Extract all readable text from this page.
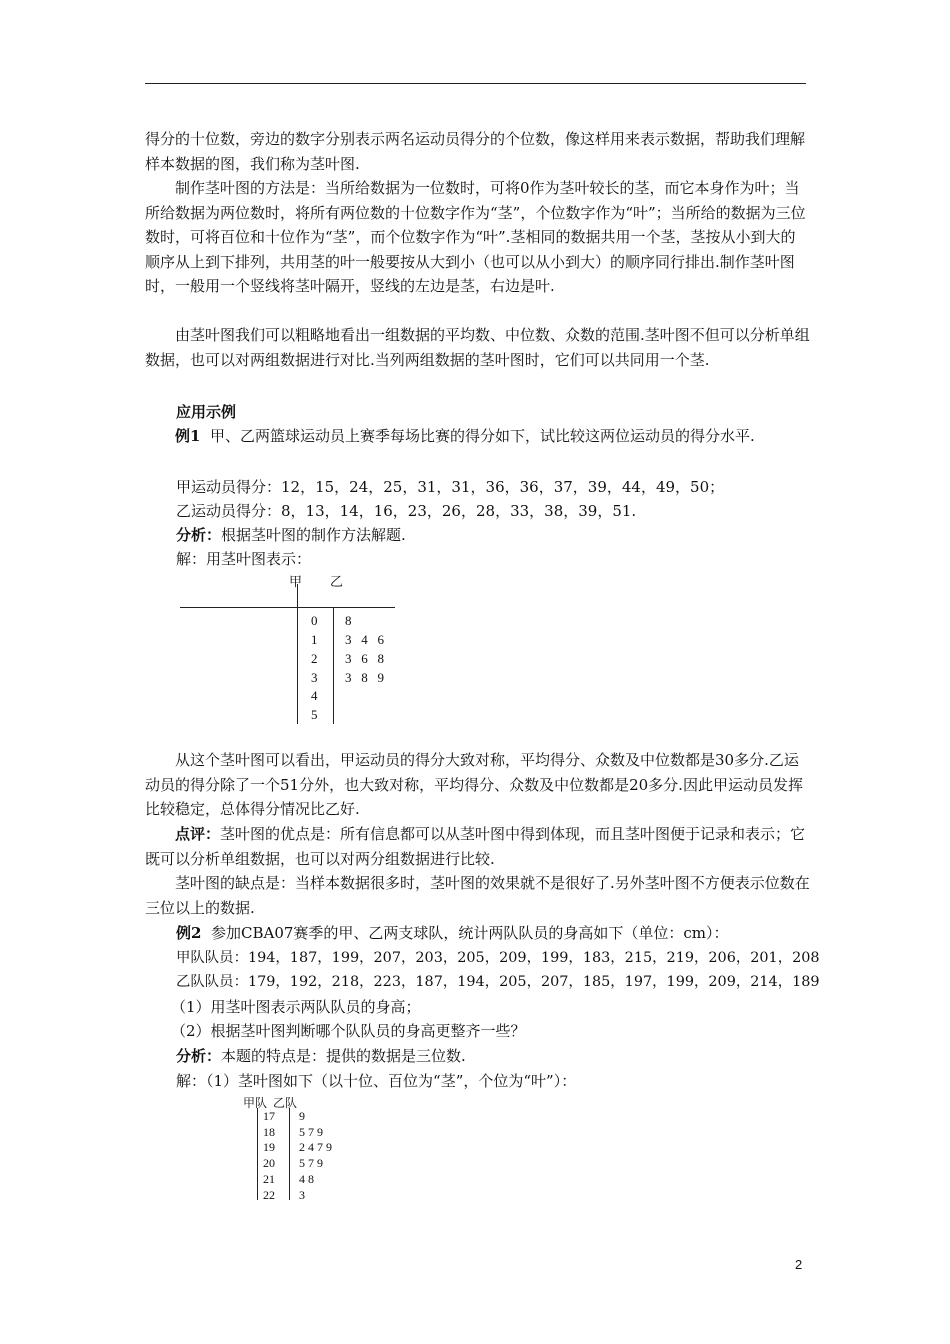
得分的十位数，旁边的数字分别表示两名运动员得分的个位数，像这样用来表示数据，帮助我们理解样本数据的图，我们称为茎叶图.

制作茎叶图的方法是：当所给数据为一位数时，可将0作为茎叶较长的茎，而它本身作为叶；当所给数据为两位数时，将所有两位数的十位数字作为“茎”，个位数字作为“叶”；当所给的数据为三位数时，可将百位和十位作为“茎”，而个位数字作为“叶”.茎相同的数据共用一个茎，茎按从小到大的顺序从上到下排列，共用茎的叶一般要按从大到小（也可以从小到大）的顺序同行排出.制作茎叶图时，一般用一个竖线将茎叶隔开，竖线的左边是茎，右边是叶.

由茎叶图我们可以粗略地看出一组数据的平均数、中位数、众数的范围.茎叶图不但可以分析单组数据，也可以对两组数据进行对比.当列两组数据的茎叶图时，它们可以共同用一个茎.

应用示例

例1 甲、乙两篮球运动员上赛季每场比赛的得分如下，试比较这两位运动员的得分水平.

甲运动员得分：12，15，24，25，31，31，36，36，37，39，44，49，50；
乙运动员得分：8，13，14，16，23，26，28，33，38，39，51.
分析：根据茎叶图的制作方法解题.
解：用茎叶图表示：
甲 乙
0 8
1 3   4   6
2 3   6   8
3 3   8   9
4
5

从这个茎叶图可以看出，甲运动员的得分大致对称，平均得分、众数及中位数都是30多分.乙运动员的得分除了一个51分外，也大致对称，平均得分、众数及中位数都是20多分.因此甲运动员发挥比较稳定，总体得分情况比乙好.

点评：茎叶图的优点是：所有信息都可以从茎叶图中得到体现，而且茎叶图便于记录和表示；它既可以分析单组数据，也可以对两分组数据进行比较.

茎叶图的缺点是：当样本数据很多时，茎叶图的效果就不是很好了.另外茎叶图不方便表示位数在三位以上的数据.

例2 参加CBA07赛季的甲、乙两支球队，统计两队队员的身高如下（单位：cm）：
甲队队员：194，187，199，207，203，205，209，199，183，215，219，206，201，208
乙队队员：179，192，218，223，187，194，205，207，185，197，199，209，214，189
（1）用茎叶图表示两队队员的身高；
（2）根据茎叶图判断哪个队队员的身高更整齐一些？
分析：本题的特点是：提供的数据是三位数.
解：（1）茎叶图如下（以十位、百位为“茎”，个位为“叶”）：
甲队  乙队
17 9
18 5 7 9
19 2 4 7 9
20 5 7 9
21 4 8
22 3
2
